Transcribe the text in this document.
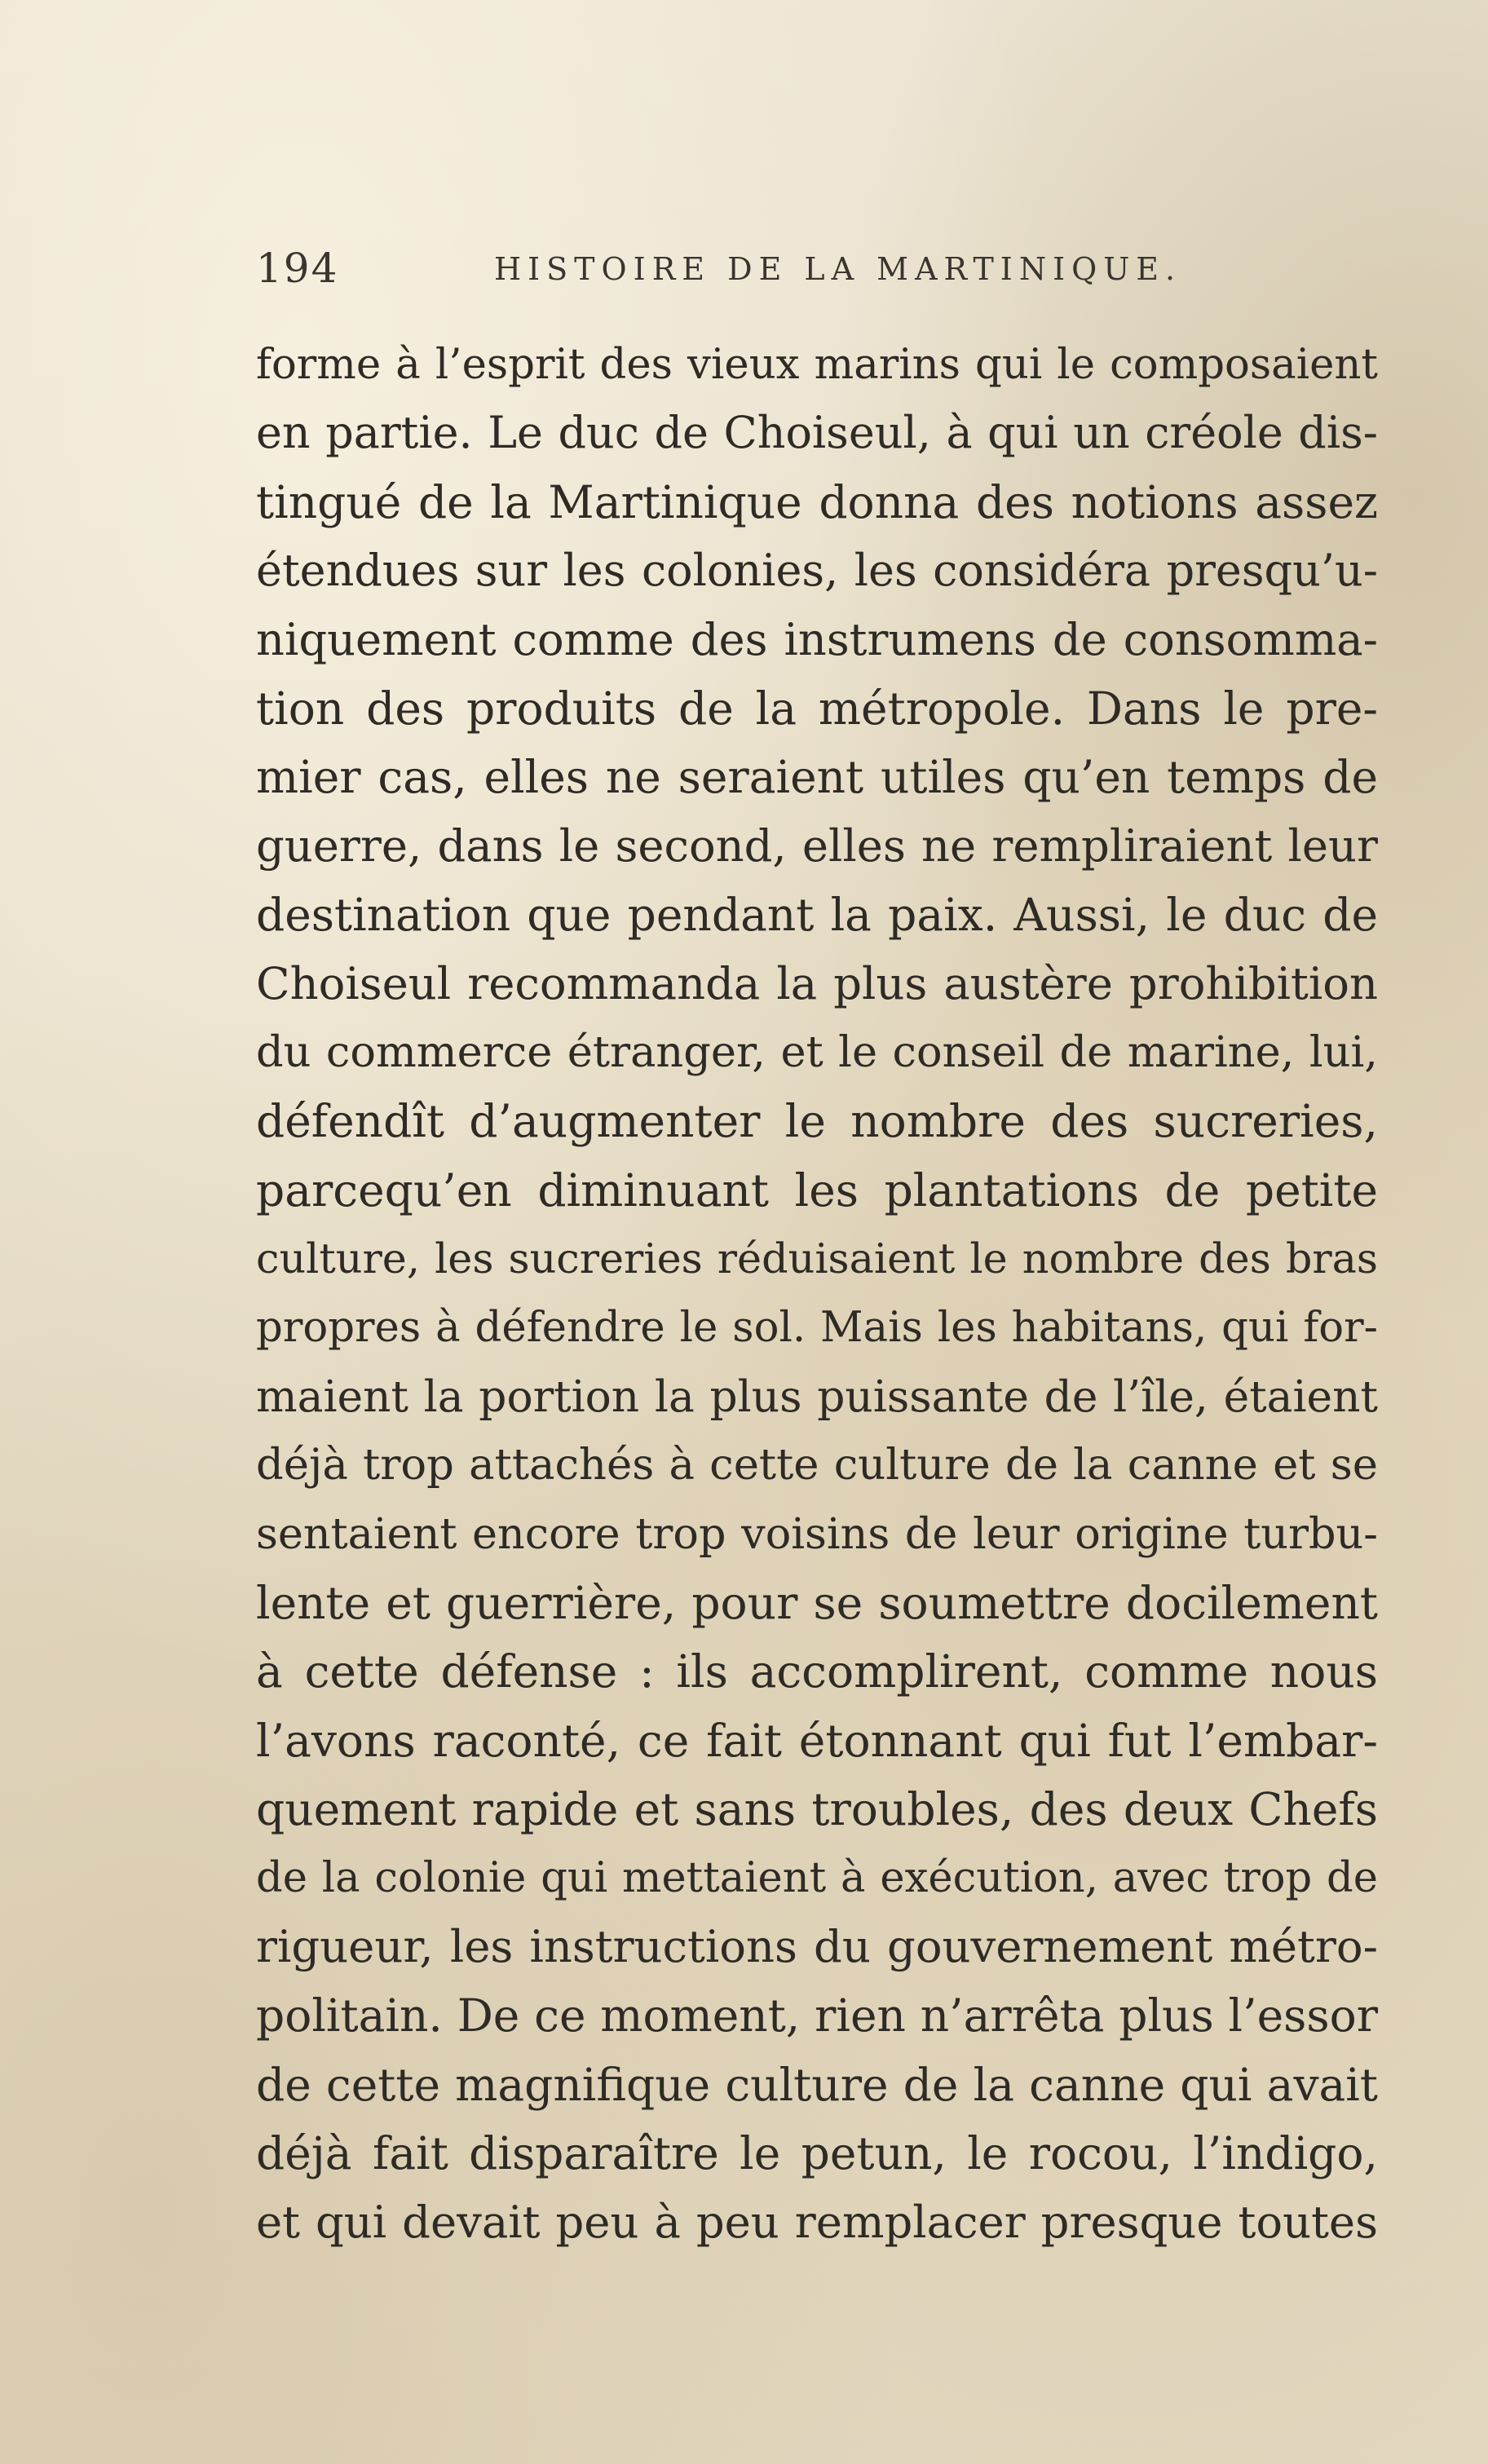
194	HISTOIRE DE LA MARTINIQUE.
forme à l’esprit des vieux marins qui le composaient
en partie. Le duc de Choiseul, à qui un créole dis-
tingué de la Martinique donna des notions assez
étendues sur les colonies, les considéra presqu’u-
niquement comme des instrumens de consomma-
tion des produits de la métropole. Dans le pre-
mier cas, elles ne seraient utiles qu’en temps de
guerre, dans le second, elles ne rempliraient leur
destination que pendant la paix. Aussi, le duc de
Choiseul recommanda la plus austère prohibition
du commerce étranger, et le conseil de marine, lui,
défendît d’augmenter le nombre des sucreries,
parcequ’en diminuant les plantations de petite
culture, les sucreries réduisaient le nombre des bras
propres à défendre le sol. Mais les habitans, qui for-
maient la portion la plus puissante de l’île, étaient
déjà trop attachés à cette culture de la canne et se
sentaient encore trop voisins de leur origine turbu-
lente et guerrière, pour se soumettre docilement
à cette défense : ils accomplirent, comme nous
l’avons raconté, ce fait étonnant qui fut l’embar-
quement rapide et sans troubles, des deux Chefs
de la colonie qui mettaient à exécution, avec trop de
rigueur, les instructions du gouvernement métro-
politain. De ce moment, rien n’arrêta plus l’essor
de cette magnifique culture de la canne qui avait
déjà fait disparaître le petun, le rocou, l’indigo,
et qui devait peu à peu remplacer presque toutes
